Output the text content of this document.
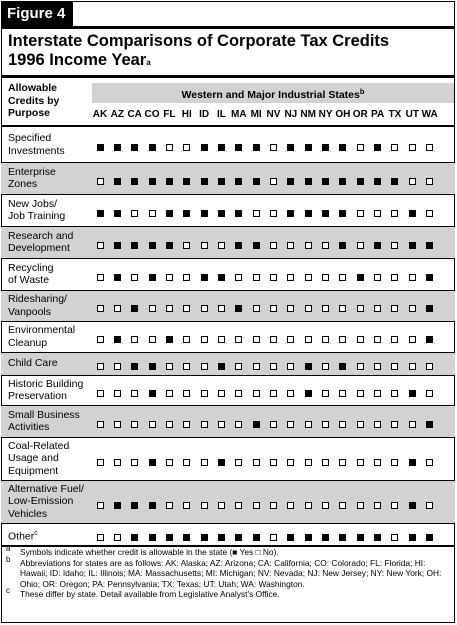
Figure 4
Interstate Comparisons of Corporate Tax Credits
1996 Income Year$^a$
Allowable Credits by Purpose
Western and Major Industrial States$^b$
AK AZ CA CO FL HI ID IL MA MI NV NJ NM NY OH OR PA TX UT WA
Specified
Investments
Enterprise
Zones
New Jobs/
Job Training
Research and
Development
Recycling
of Waste
Ridesharing/
Vanpools
Environmental
Cleanup
Child Care
Historic Building
Preservation
Small Business
Activities
Coal-Related
Usage and
Equipment
Alternative Fuel/
Low-Emission
Vehicles
Other$^c$
a Symbols indicate whether credit is allowable in the state (■ Yes □ No).
b Abbreviations for states are as follows: AK: Alaska; AZ: Arizona; CA: California; CO: Colorado; FL: Florida; HI: Hawaii; ID: Idaho; IL: Illinois; MA: Massachusetts; MI: Michigan; NV: Nevada; NJ: New Jersey; NY: New York; OH: Ohio; OR: Oregon; PA: Pennsylvania; TX: Texas; UT: Utah; WA: Washington.
c These differ by state. Detail available from Legislative Analyst's Office.
